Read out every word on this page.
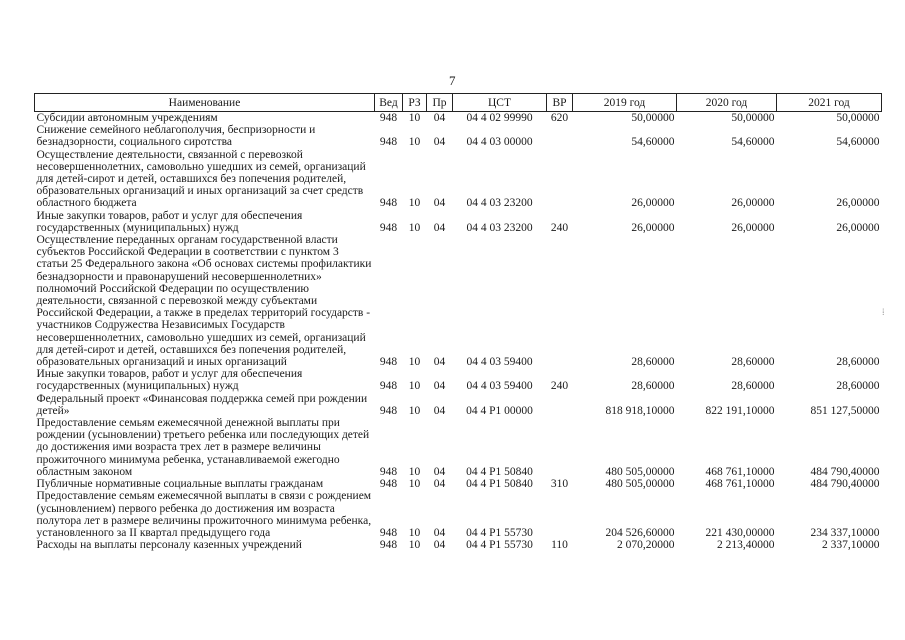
7
Наименование	Вед	РЗ	Пр	ЦСТ	ВР	2019 год	2020 год	2021 год
Субсидии автономным учреждениям	948	10	04	04 4 02 99990	620	50,00000	50,00000	50,00000
Снижение семейного неблагополучия, беспризорности и безнадзорности, социального сиротства	948	10	04	04 4 03 00000		54,60000	54,60000	54,60000
Осуществление деятельности, связанной с перевозкой несовершеннолетних, самовольно ушедших из семей, организаций для детей-сирот и детей, оставшихся без попечения родителей, образовательных организаций и иных организаций за счет средств областного бюджета	948	10	04	04 4 03 23200		26,00000	26,00000	26,00000
Иные закупки товаров, работ и услуг для обеспечения государственных (муниципальных) нужд	948	10	04	04 4 03 23200	240	26,00000	26,00000	26,00000
Осуществление переданных органам государственной власти субъектов Российской Федерации в соответствии с пунктом 3 статьи 25 Федерального закона «Об основах системы профилактики безнадзорности и правонарушений несовершеннолетних» полномочий Российской Федерации по осуществлению деятельности, связанной с перевозкой между субъектами Российской Федерации, а также в пределах территорий государств - участников Содружества Независимых Государств несовершеннолетних, самовольно ушедших из семей, организаций для детей-сирот и детей, оставшихся без попечения родителей, образовательных организаций и иных организаций	948	10	04	04 4 03 59400		28,60000	28,60000	28,60000
Иные закупки товаров, работ и услуг для обеспечения государственных (муниципальных) нужд	948	10	04	04 4 03 59400	240	28,60000	28,60000	28,60000
Федеральный проект «Финансовая поддержка семей при рождении детей»	948	10	04	04 4 P1 00000		818 918,10000	822 191,10000	851 127,50000
Предоставление семьям ежемесячной денежной выплаты при рождении (усыновлении) третьего ребенка или последующих детей до достижения ими возраста трех лет в размере величины прожиточного минимума ребенка, устанавливаемой ежегодно областным законом	948	10	04	04 4 P1 50840		480 505,00000	468 761,10000	484 790,40000
Публичные нормативные социальные выплаты гражданам	948	10	04	04 4 P1 50840	310	480 505,00000	468 761,10000	484 790,40000
Предоставление семьям ежемесячной выплаты в связи с рождением (усыновлением) первого ребенка до достижения им возраста полутора лет в размере величины прожиточного минимума ребенка, установленного за II квартал предыдущего года	948	10	04	04 4 P1 55730		204 526,60000	221 430,00000	234 337,10000
Расходы на выплаты персоналу казенных учреждений	948	10	04	04 4 P1 55730	110	2 070,20000	2 213,40000	2 337,10000
⁞
